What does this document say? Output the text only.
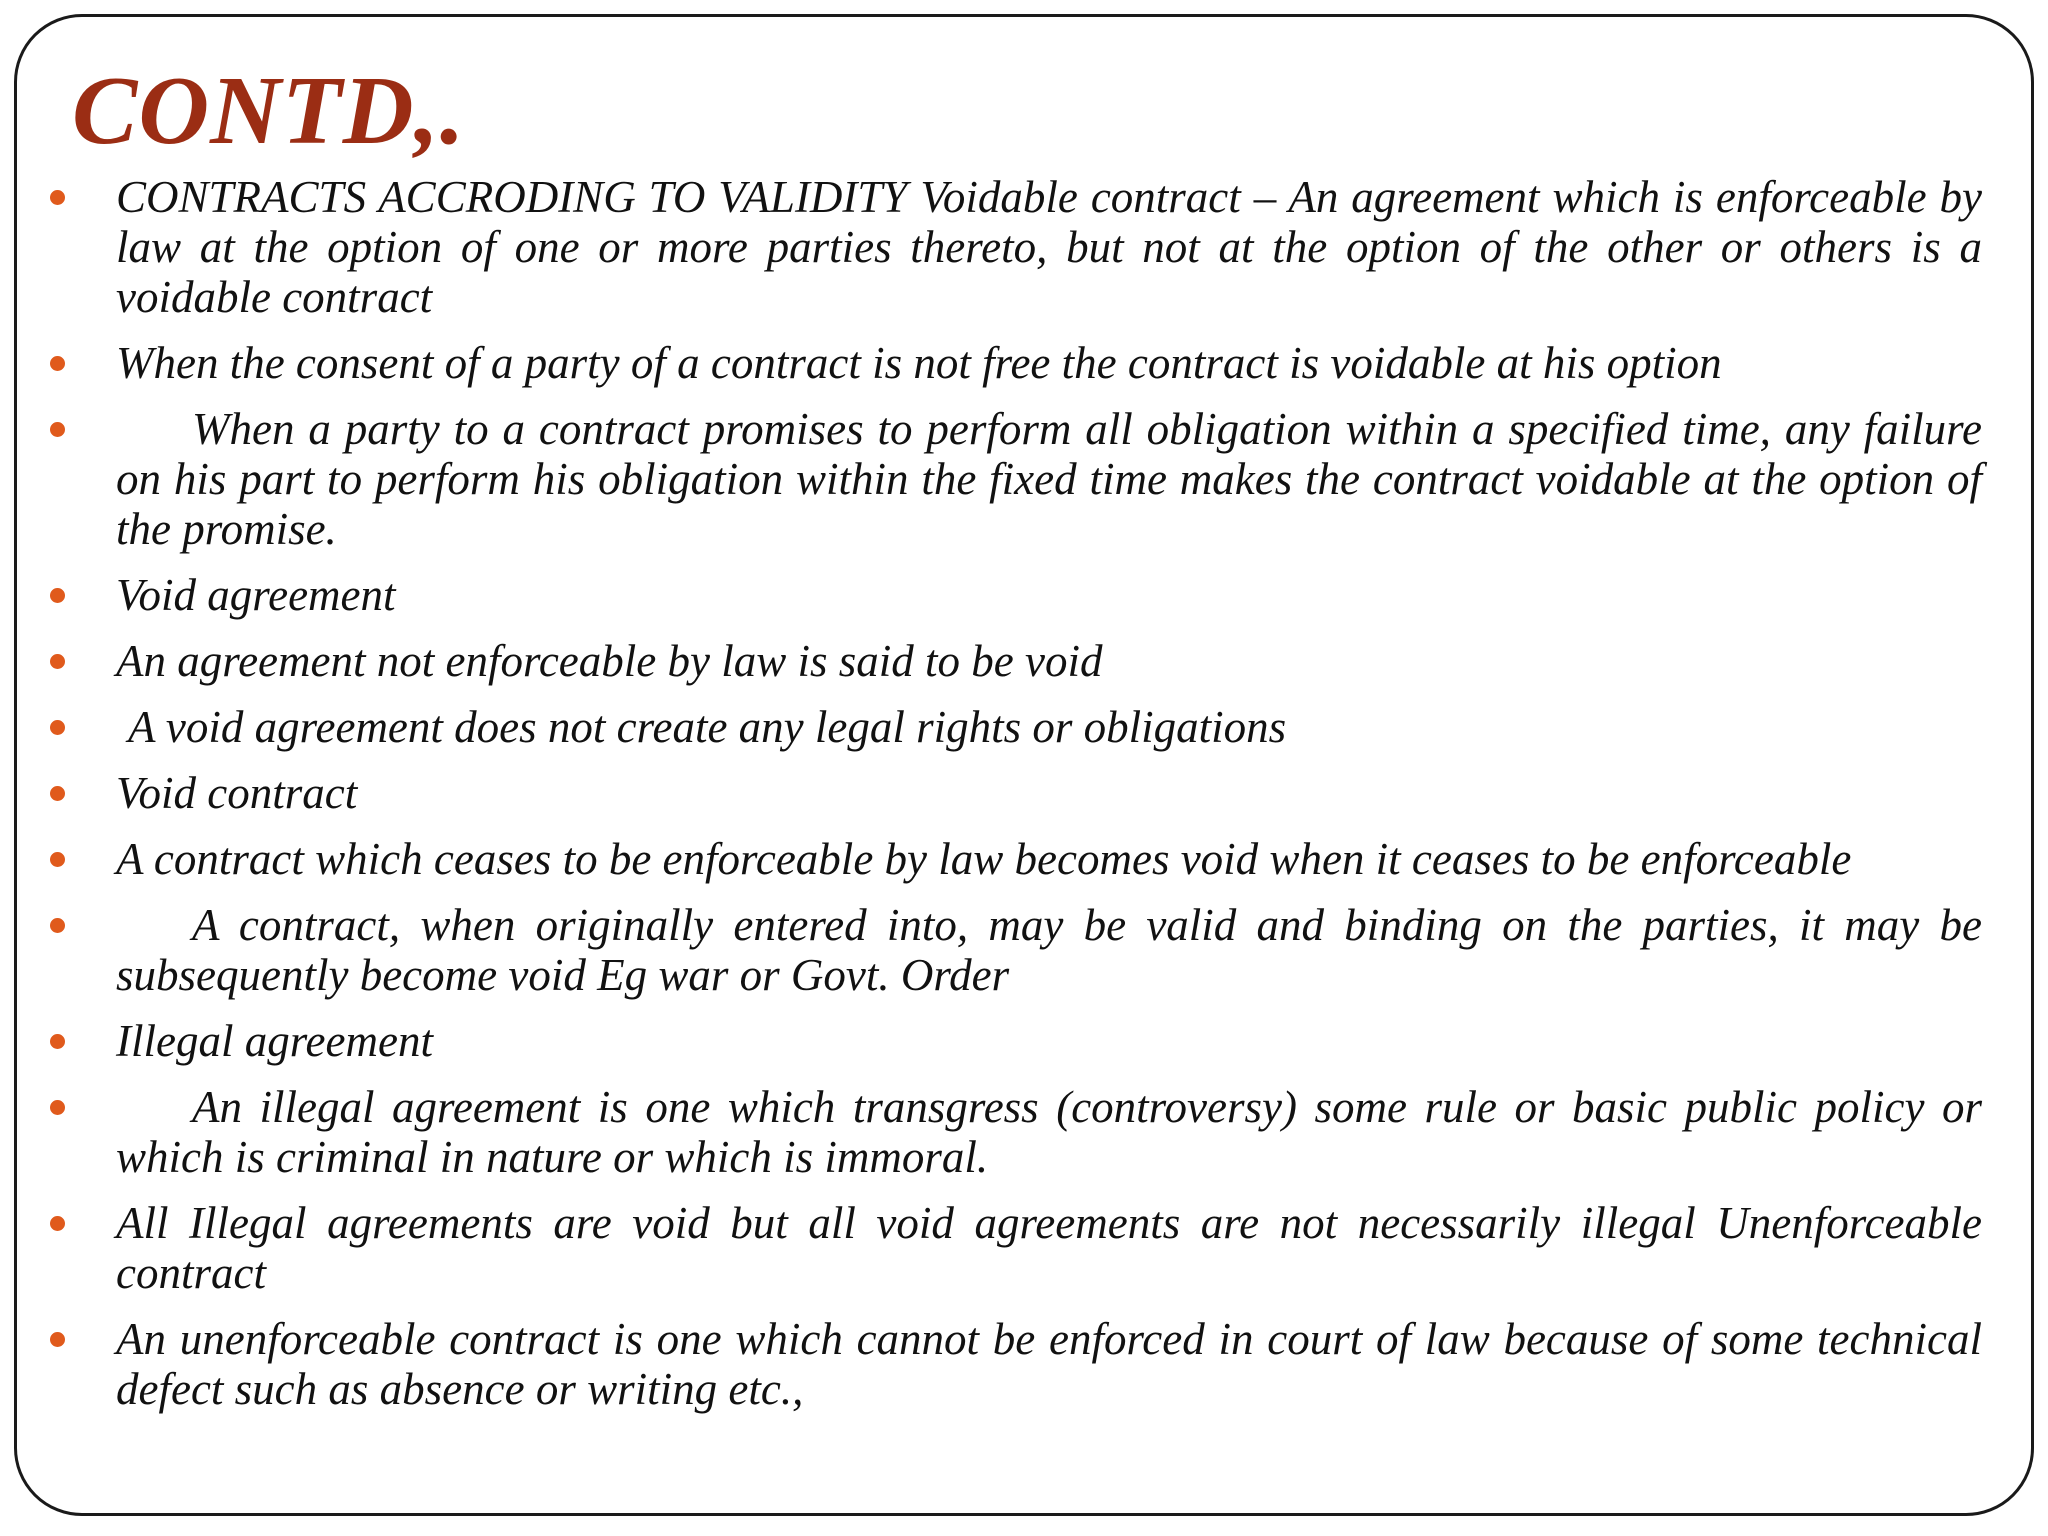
CONTD,.
CONTRACTS ACCRODING TO VALIDITY Voidable contract – An agreement which is enforceable by law at the option of one or more parties thereto, but not at the option of the other or others is a voidable contract
When the consent of a party of a contract is not free the contract is voidable at his option
When a party to a contract promises to perform all obligation within a specified time, any failure on his part to perform his obligation within the fixed time makes the contract voidable at the option of the promise.
Void agreement
An agreement not enforceable by law is said to be void
A void agreement does not create any legal rights or obligations
Void contract
A contract which ceases to be enforceable by law becomes void when it ceases to be enforceable
A contract, when originally entered into, may be valid and binding on the parties, it may be subsequently become void Eg war or Govt. Order
Illegal agreement
An illegal agreement is one which transgress (controversy) some rule or basic public policy or which is criminal in nature or which is immoral.
All Illegal agreements are void but all void agreements are not necessarily illegal Unenforceable contract
An unenforceable contract is one which cannot be enforced in court of law because of some technical defect such as absence or writing etc.,
